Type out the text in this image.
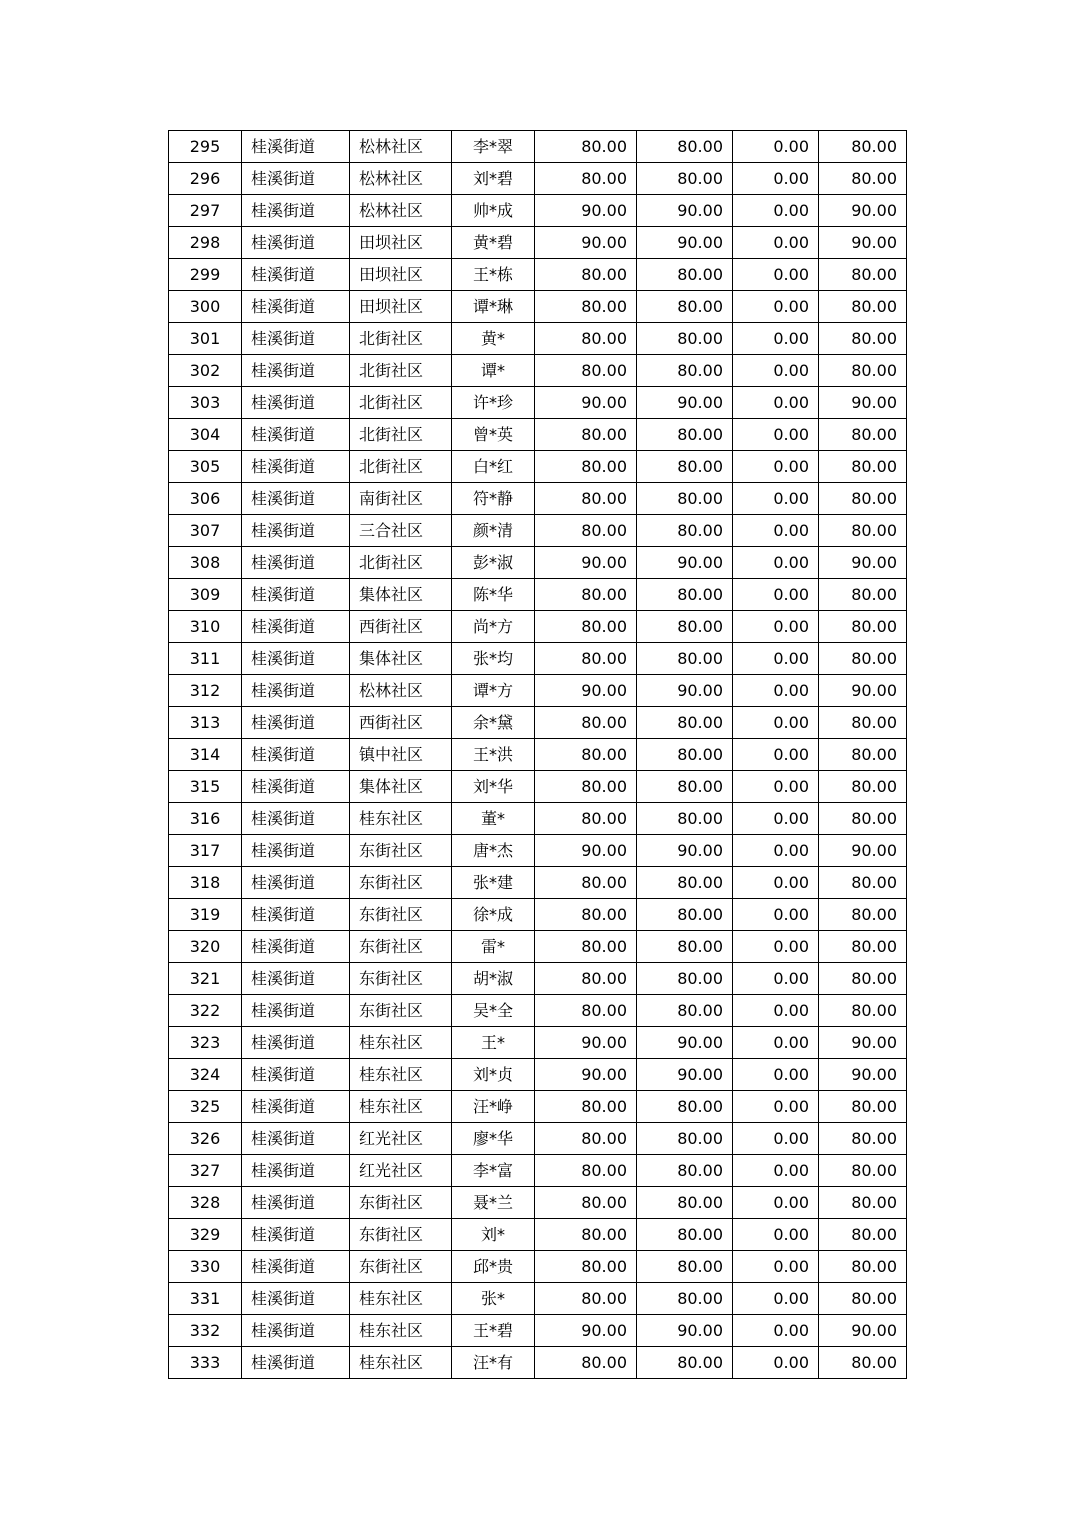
295	桂溪街道	松林社区	李*翠	80.00	80.00	0.00	80.00
296	桂溪街道	松林社区	刘*碧	80.00	80.00	0.00	80.00
297	桂溪街道	松林社区	帅*成	90.00	90.00	0.00	90.00
298	桂溪街道	田坝社区	黄*碧	90.00	90.00	0.00	90.00
299	桂溪街道	田坝社区	王*栋	80.00	80.00	0.00	80.00
300	桂溪街道	田坝社区	谭*琳	80.00	80.00	0.00	80.00
301	桂溪街道	北街社区	黄*	80.00	80.00	0.00	80.00
302	桂溪街道	北街社区	谭*	80.00	80.00	0.00	80.00
303	桂溪街道	北街社区	许*珍	90.00	90.00	0.00	90.00
304	桂溪街道	北街社区	曾*英	80.00	80.00	0.00	80.00
305	桂溪街道	北街社区	白*红	80.00	80.00	0.00	80.00
306	桂溪街道	南街社区	符*静	80.00	80.00	0.00	80.00
307	桂溪街道	三合社区	颜*清	80.00	80.00	0.00	80.00
308	桂溪街道	北街社区	彭*淑	90.00	90.00	0.00	90.00
309	桂溪街道	集体社区	陈*华	80.00	80.00	0.00	80.00
310	桂溪街道	西街社区	尚*方	80.00	80.00	0.00	80.00
311	桂溪街道	集体社区	张*均	80.00	80.00	0.00	80.00
312	桂溪街道	松林社区	谭*方	90.00	90.00	0.00	90.00
313	桂溪街道	西街社区	余*黛	80.00	80.00	0.00	80.00
314	桂溪街道	镇中社区	王*洪	80.00	80.00	0.00	80.00
315	桂溪街道	集体社区	刘*华	80.00	80.00	0.00	80.00
316	桂溪街道	桂东社区	董*	80.00	80.00	0.00	80.00
317	桂溪街道	东街社区	唐*杰	90.00	90.00	0.00	90.00
318	桂溪街道	东街社区	张*建	80.00	80.00	0.00	80.00
319	桂溪街道	东街社区	徐*成	80.00	80.00	0.00	80.00
320	桂溪街道	东街社区	雷*	80.00	80.00	0.00	80.00
321	桂溪街道	东街社区	胡*淑	80.00	80.00	0.00	80.00
322	桂溪街道	东街社区	吴*全	80.00	80.00	0.00	80.00
323	桂溪街道	桂东社区	王*	90.00	90.00	0.00	90.00
324	桂溪街道	桂东社区	刘*贞	90.00	90.00	0.00	90.00
325	桂溪街道	桂东社区	汪*峥	80.00	80.00	0.00	80.00
326	桂溪街道	红光社区	廖*华	80.00	80.00	0.00	80.00
327	桂溪街道	红光社区	李*富	80.00	80.00	0.00	80.00
328	桂溪街道	东街社区	聂*兰	80.00	80.00	0.00	80.00
329	桂溪街道	东街社区	刘*	80.00	80.00	0.00	80.00
330	桂溪街道	东街社区	邱*贵	80.00	80.00	0.00	80.00
331	桂溪街道	桂东社区	张*	80.00	80.00	0.00	80.00
332	桂溪街道	桂东社区	王*碧	90.00	90.00	0.00	90.00
333	桂溪街道	桂东社区	汪*有	80.00	80.00	0.00	80.00
